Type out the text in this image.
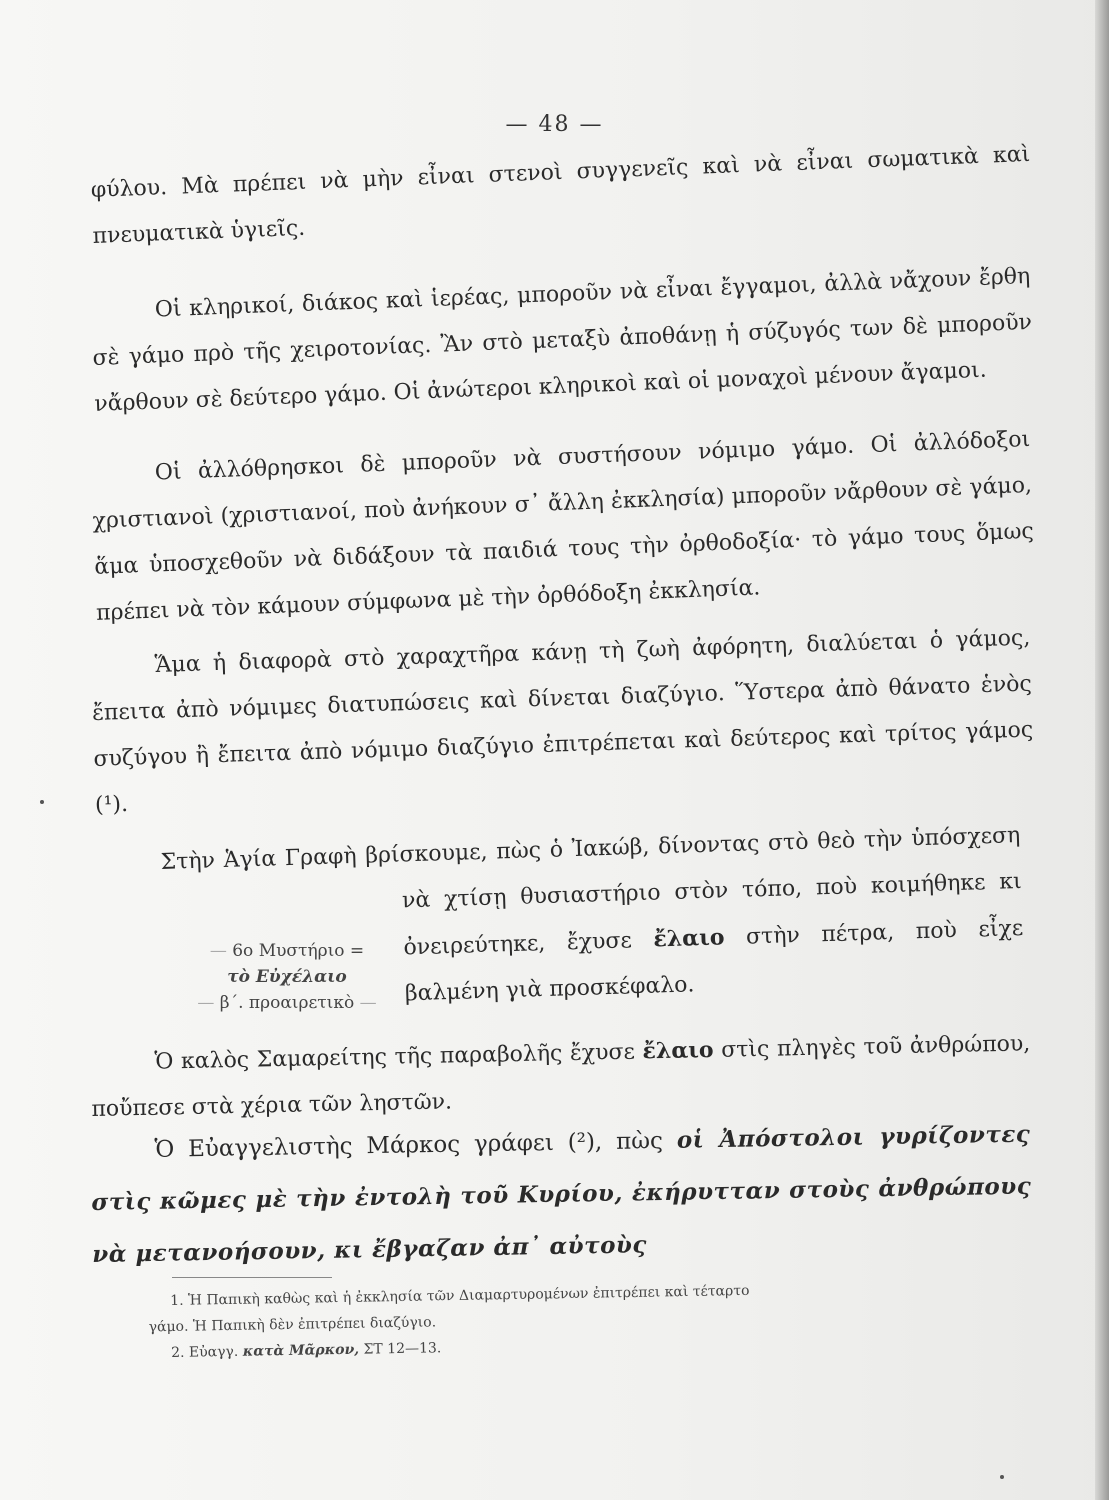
— 48 —

φύλου. Μὰ πρέπει νὰ μὴν εἶναι στενοὶ συγγενεῖς καὶ νὰ εἶναι σωματικὰ καὶ πνευματικὰ ὑγιεῖς.

Οἱ κληρικοί, διάκος καὶ ἱερέας, μποροῦν νὰ εἶναι ἔγγαμοι, ἀλλὰ νἄχουν ἔρθη σὲ γάμο πρὸ τῆς χειροτονίας. Ἂν στὸ μεταξὺ ἀποθάνῃ ἡ σύζυγός των δὲ μποροῦν νἄρθουν σὲ δεύτερο γάμο. Οἱ ἀνώτεροι κληρικοὶ καὶ οἱ μοναχοὶ μένουν ἄγαμοι.

Οἱ ἀλλόθρησκοι δὲ μποροῦν νὰ συστήσουν νόμιμο γάμο. Οἱ ἀλλόδοξοι χριστιανοὶ (χριστιανοί, ποὺ ἀνήκουν σ᾽ ἄλλη ἐκκλησία) μποροῦν νἄρθουν σὲ γάμο, ἅμα ὑποσχεθοῦν νὰ διδάξουν τὰ παιδιά τους τὴν ὀρθοδοξία· τὸ γάμο τους ὅμως πρέπει νὰ τὸν κάμουν σύμφωνα μὲ τὴν ὀρθόδοξη ἐκκλησία.

Ἅμα ἡ διαφορὰ στὸ χαραχτῆρα κάνῃ τὴ ζωὴ ἀφόρητη, διαλύεται ὁ γάμος, ἔπειτα ἀπὸ νόμιμες διατυπώσεις καὶ δίνεται διαζύγιο. Ὕστερα ἀπὸ θάνατο ἑνὸς συζύγου ἢ ἔπειτα ἀπὸ νόμιμο διαζύγιο ἐπιτρέπεται καὶ δεύτερος καὶ τρίτος γάμος (¹).

Στὴν Ἁγία Γραφὴ βρίσκουμε, πὼς ὁ Ἰακώβ, δίνοντας στὸ θεὸ τὴν ὑπόσχεση νὰ χτίσῃ θυσιαστήριο στὸν τόπο, ποὺ κοιμήθηκε κι ὀνειρεύτηκε, ἔχυσε ἔλαιο στὴν πέτρα, ποὺ εἶχε βαλμένη γιὰ προσκέφαλο.

— 6ο Μυστήριο =
τὸ Εὐχέλαιο
— β΄. προαιρετικὸ —

Ὁ καλὸς Σαμαρείτης τῆς παραβολῆς ἔχυσε ἔλαιο στὶς πληγὲς τοῦ ἀνθρώπου, ποὔπεσε στὰ χέρια τῶν ληστῶν.

Ὁ Εὐαγγελιστὴς Μάρκος γράφει (²), πὼς οἱ Ἀπόστολοι γυρίζοντες στὶς κῶμες μὲ τὴν ἐντολὴ τοῦ Κυρίου, ἐκήρυτταν στοὺς ἀνθρώπους νὰ μετανοήσουν, κι ἔβγαζαν ἀπ᾽ αὐτοὺς

1. Ἡ Παπικὴ καθὼς καὶ ἡ ἐκκλησία τῶν Διαμαρτυρομένων ἐπιτρέπει καὶ τέταρτο

γάμο. Ἡ Παπικὴ δὲν ἐπιτρέπει διαζύγιο.

2. Εὐαγγ. κατὰ Μᾶρκον, ΣΤ 12—13.
